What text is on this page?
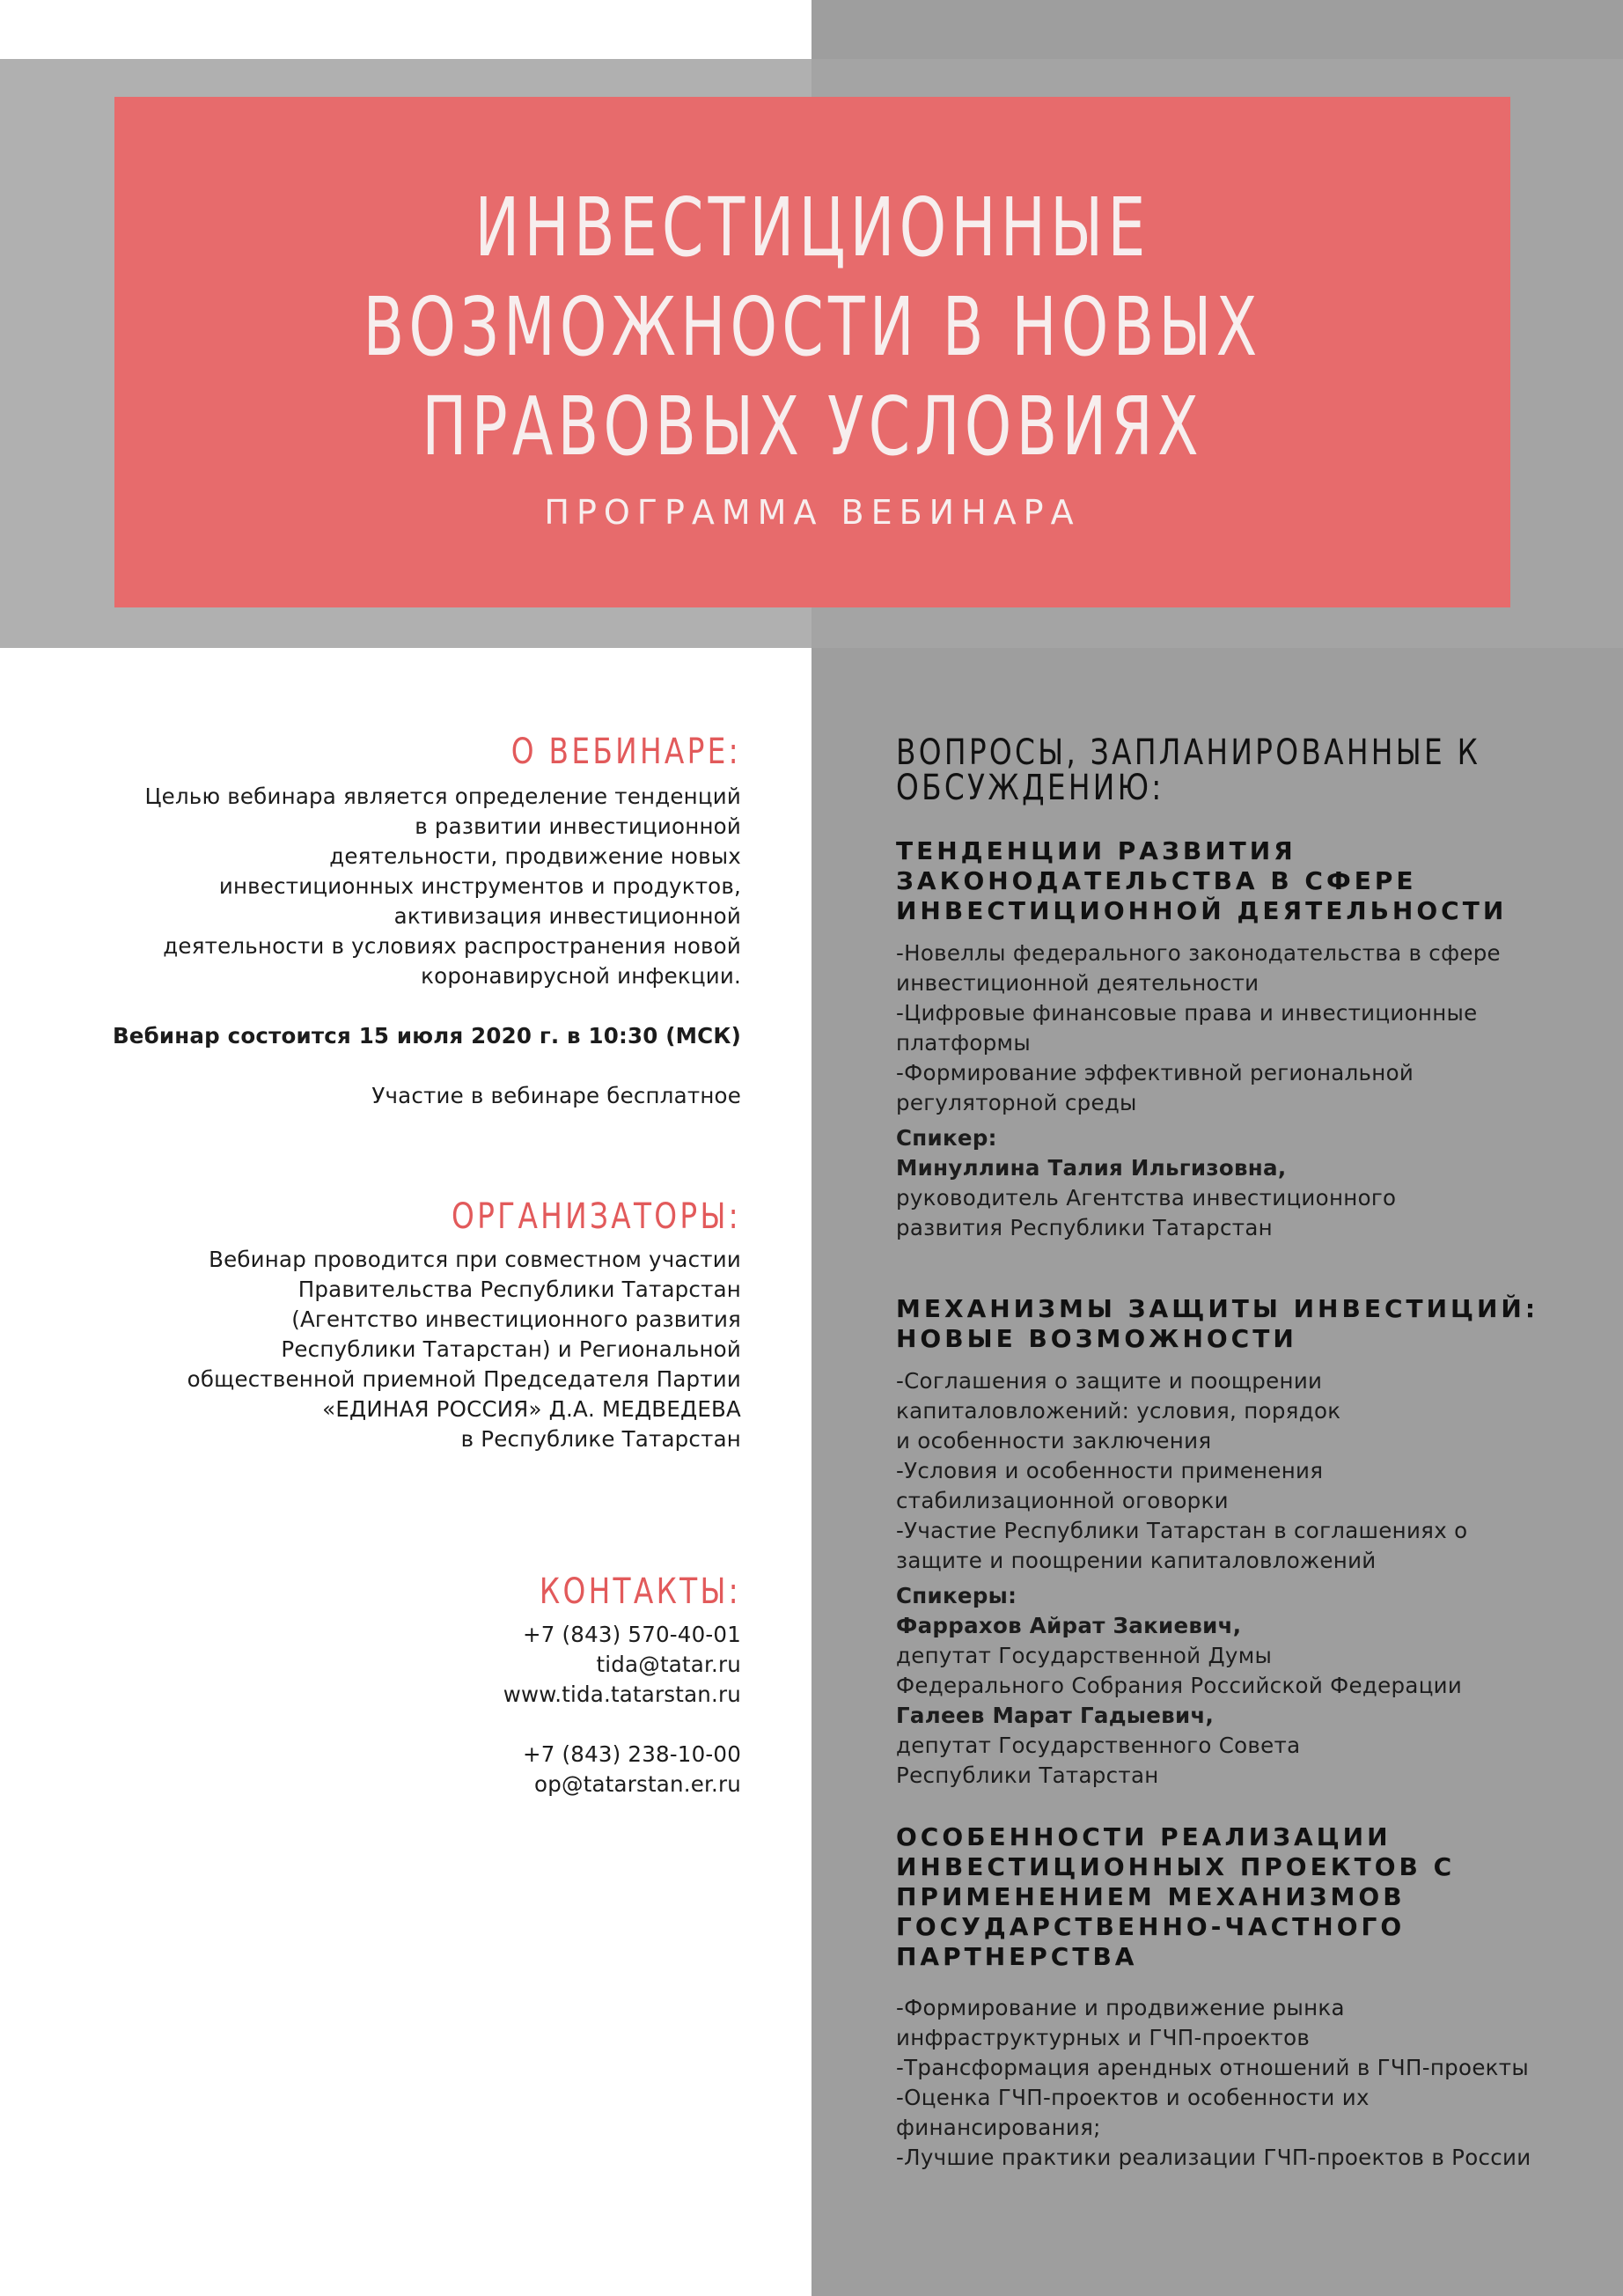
ИНВЕСТИЦИОННЫЕ
ВОЗМОЖНОСТИ В НОВЫХ
ПРАВОВЫХ УСЛОВИЯХ
ПРОГРАММА ВЕБИНАРА
О ВЕБИНАРЕ:
Целью вебинара является определение тенденций
в развитии инвестиционной
деятельности, продвижение новых
инвестиционных инструментов и продуктов,
активизация инвестиционной
деятельности в условиях распространения новой
коронавирусной инфекции.
Вебинар состоится 15 июля 2020 г. в 10:30 (МСК)
Участие в вебинаре бесплатное
ОРГАНИЗАТОРЫ:
Вебинар проводится при совместном участии
Правительства Республики Татарстан
(Агентство инвестиционного развития
Республики Татарстан) и Региональной
общественной приемной Председателя Партии
«ЕДИНАЯ РОССИЯ» Д.А. МЕДВЕДЕВА
в Республике Татарстан
КОНТАКТЫ:
+7 (843) 570-40-01
tida@tatar.ru
www.tida.tatarstan.ru
+7 (843) 238-10-00
op@tatarstan.er.ru
ВОПРОСЫ, ЗАПЛАНИРОВАННЫЕ К
ОБСУЖДЕНИЮ:
ТЕНДЕНЦИИ РАЗВИТИЯ
ЗАКОНОДАТЕЛЬСТВА В СФЕРЕ
ИНВЕСТИЦИОННОЙ ДЕЯТЕЛЬНОСТИ
-Новеллы федерального законодательства в сфере
инвестиционной деятельности
-Цифровые финансовые права и инвестиционные
платформы
-Формирование эффективной региональной
регуляторной среды
Спикер:
Минуллина Талия Ильгизовна,
руководитель Агентства инвестиционного
развития Республики Татарстан
МЕХАНИЗМЫ ЗАЩИТЫ ИНВЕСТИЦИЙ:
НОВЫЕ ВОЗМОЖНОСТИ
-Соглашения о защите и поощрении
капиталовложений: условия, порядок
и особенности заключения
-Условия и особенности применения
стабилизационной оговорки
-Участие Республики Татарстан в соглашениях о
защите и поощрении капиталовложений
Спикеры:
Фаррахов Айрат Закиевич,
депутат Государственной Думы
Федерального Собрания Российской Федерации
Галеев Марат Гадыевич,
депутат Государственного Совета
Республики Татарстан
ОСОБЕННОСТИ РЕАЛИЗАЦИИ
ИНВЕСТИЦИОННЫХ ПРОЕКТОВ С
ПРИМЕНЕНИЕМ МЕХАНИЗМОВ
ГОСУДАРСТВЕННО-ЧАСТНОГО
ПАРТНЕРСТВА
-Формирование и продвижение рынка
инфраструктурных и ГЧП-проектов
-Трансформация арендных отношений в ГЧП-проекты
-Оценка ГЧП-проектов и особенности их
финансирования;
-Лучшие практики реализации ГЧП-проектов в России
